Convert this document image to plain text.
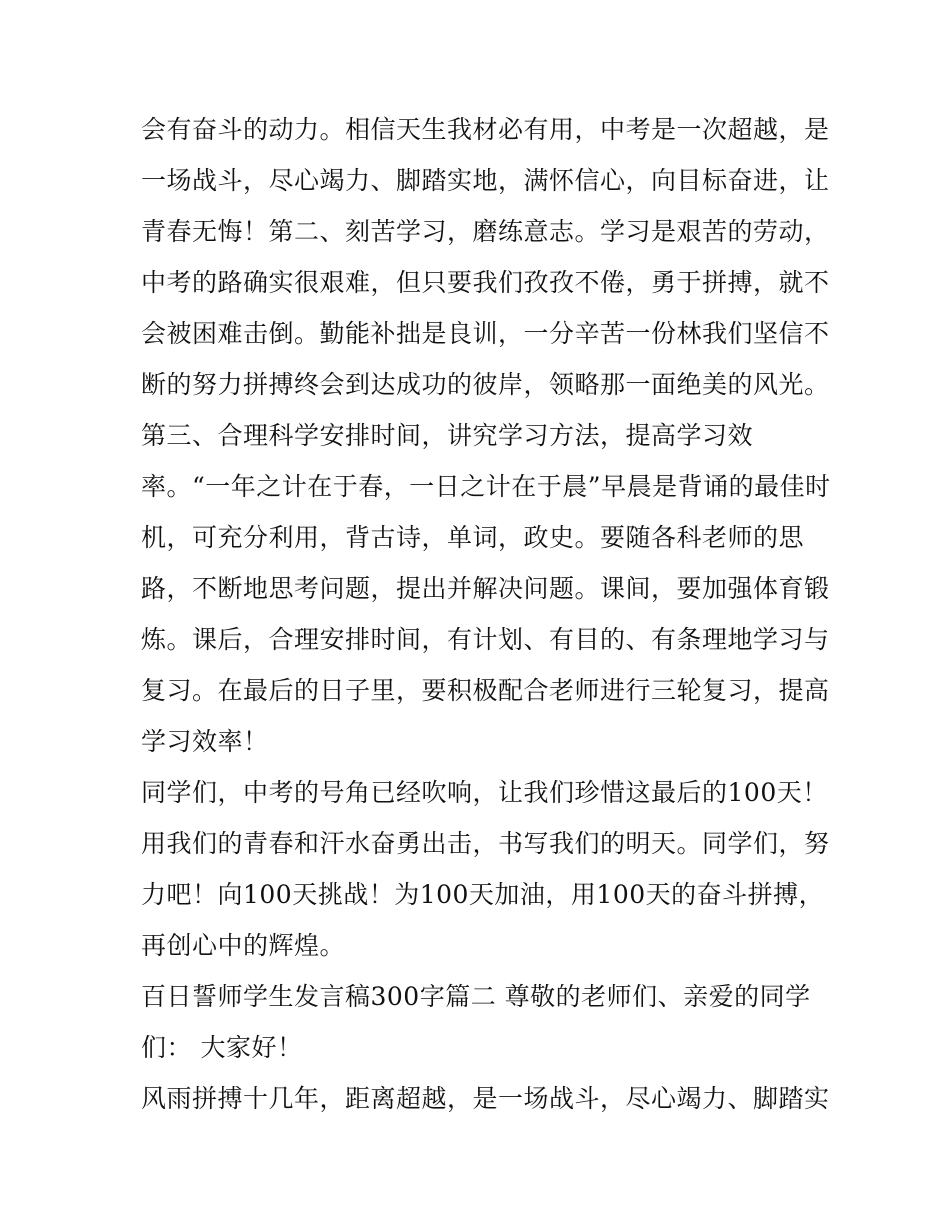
会有奋斗的动力。相信天生我材必有用，中考是一次超越，是
一场战斗，尽心竭力、脚踏实地，满怀信心，向目标奋进，让
青春无悔！第二、刻苦学习，磨练意志。学习是艰苦的劳动，
中考的路确实很艰难，但只要我们孜孜不倦，勇于拼搏，就不
会被困难击倒。勤能补拙是良训，一分辛苦一份林我们坚信不
断的努力拼搏终会到达成功的彼岸，领略那一面绝美的风光。
第三、合理科学安排时间，讲究学习方法，提高学习效
率。“一年之计在于春，一日之计在于晨”早晨是背诵的最佳时
机，可充分利用，背古诗，单词，政史。要随各科老师的思
路，不断地思考问题，提出并解决问题。课间，要加强体育锻
炼。课后，合理安排时间，有计划、有目的、有条理地学习与
复习。在最后的日子里，要积极配合老师进行三轮复习，提高
学习效率！
同学们，中考的号角已经吹响，让我们珍惜这最后的100天！
用我们的青春和汗水奋勇出击，书写我们的明天。同学们，努
力吧！向100天挑战！为100天加油，用100天的奋斗拼搏，
再创心中的辉煌。
百日誓师学生发言稿300字篇二 尊敬的老师们、亲爱的同学
们： 大家好！
风雨拼搏十几年，距离超越，是一场战斗，尽心竭力、脚踏实
